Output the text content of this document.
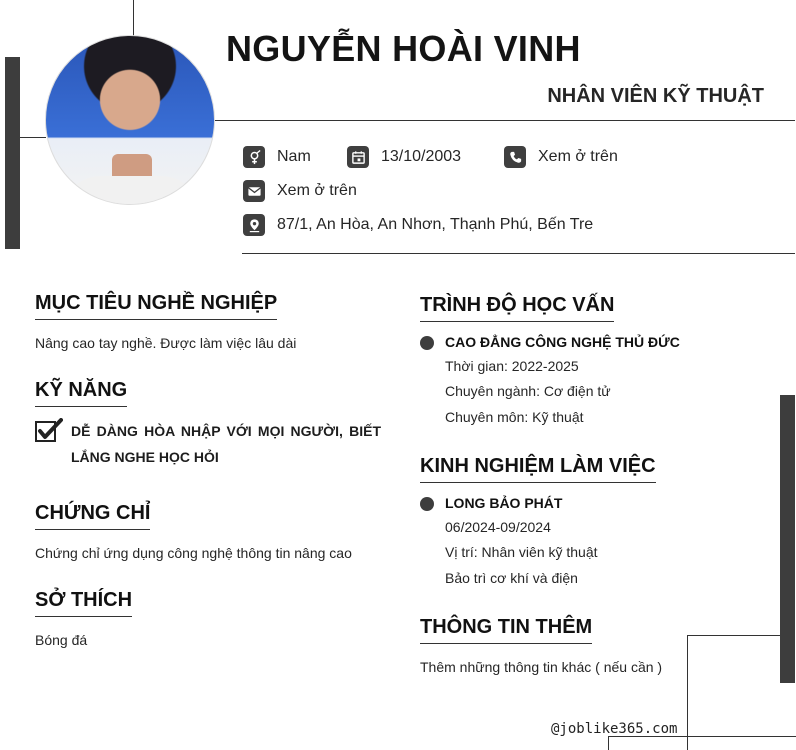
NGUYỄN HOÀI VINH
NHÂN VIÊN KỸ THUẬT
Nam	13/10/2003	Xem ở trên
Xem ở trên
87/1, An Hòa, An Nhơn, Thạnh Phú, Bến Tre
MỤC TIÊU NGHỀ NGHIỆP
Nâng cao tay nghề. Được làm việc lâu dài
KỸ NĂNG
DỄ DÀNG HÒA NHẬP VỚI MỌI NGƯỜI, BIẾT LẮNG NGHE HỌC HỎI
CHỨNG CHỈ
Chứng chỉ ứng dụng công nghệ thông tin nâng cao
SỞ THÍCH
Bóng đá
TRÌNH ĐỘ HỌC VẤN
CAO ĐẲNG CÔNG NGHỆ THỦ ĐỨC
Thời gian: 2022-2025
Chuyên ngành: Cơ điện tử
Chuyên môn: Kỹ thuật
KINH NGHIỆM LÀM VIỆC
LONG BẢO PHÁT
06/2024-09/2024
Vị trí: Nhân viên kỹ thuật
Bảo trì cơ khí và điện
THÔNG TIN THÊM
Thêm những thông tin khác ( nếu cần )
@joblike365.com
